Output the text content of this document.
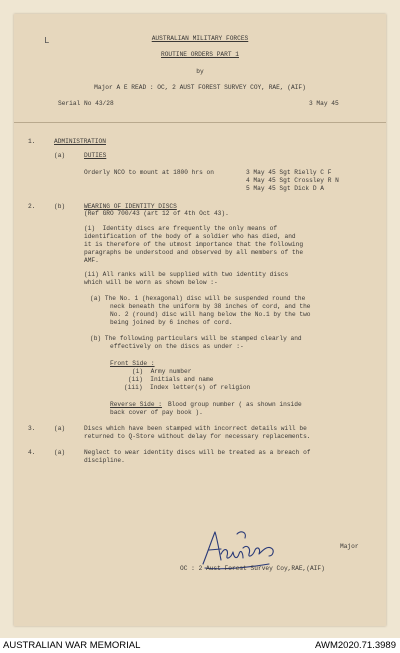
L	AUSTRALIAN MILITARY FORCES
ROUTINE ORDERS PART 1
by
Major A E READ : OC, 2 AUST FOREST SURVEY COY, RAE, (AIF)
Serial No 43/28	3 May 45
1.	ADMINISTRATION
(a)	DUTIES
Orderly NCO to mount at 1800 hrs on	3 May 45 Sgt Rielly C F
4 May 45 Sgt Crossley R N
5 May 45 Sgt Dick D A
2.	(b)	WEARING OF IDENTITY DISCS
(Ref GRO 700/43 (art 12 of 4th Oct 43).
(i)  Identity discs are frequently the only means of
identification of the body of a soldier who has died, and
it is therefore of the utmost importance that the following
paragraphs be understood and observed by all members of the
AMF.
(ii) All ranks will be supplied with two identity discs
which will be worn as shown below :-
(a) The No. 1 (hexagonal) disc will be suspended round the
neck beneath the uniform by 38 inches of cord, and the
No. 2 (round) disc will hang below the No.1 by the two
being joined by 6 inches of cord.
(b) The following particulars will be stamped clearly and
effectively on the discs as under :-
Front Side :
(i)  Army number
(ii)  Initials and name
(iii)  Index letter(s) of religion
Reverse Side : Blood group number ( as shown inside
back cover of pay book ).
3.	(a)	Discs which have been stamped with incorrect details will be
returned to Q-Store without delay for necessary replacements.
4.	(a)	Neglect to wear identity discs will be treated as a breach of
discipline.
Major
OC : 2 Aust Forest Survey Coy,RAE,(AIF)
AUSTRALIAN WAR MEMORIAL	AWM2020.71.3989
